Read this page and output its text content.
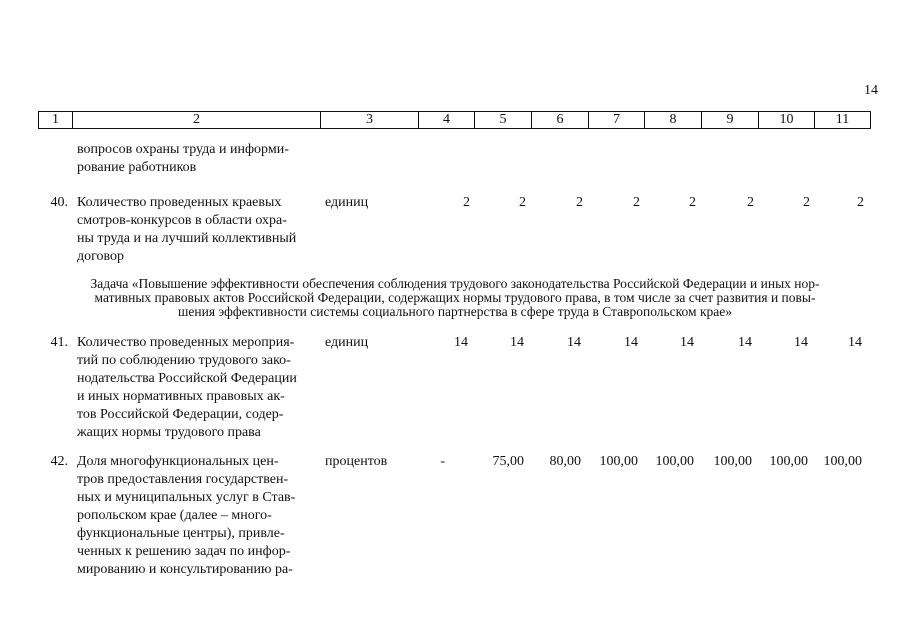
14
1	2	3	4	5	6	7	8	9	10	11
вопросов охраны труда и информи-
рование работников
40. Количество проведенных краевых
смотров-конкурсов в области охра-
ны труда и на лучший коллективный
договор
единиц	2	2	2	2	2	2	2	2
Задача «Повышение эффективности обеспечения соблюдения трудового законодательства Российской Федерации и иных нор-
мативных правовых актов Российской Федерации, содержащих нормы трудового права, в том числе за счет развития и повы-
шения эффективности системы социального партнерства в сфере труда в Ставропольском крае»
41. Количество проведенных мероприя-
тий по соблюдению трудового зако-
нодательства Российской Федерации
и иных нормативных правовых ак-
тов Российской Федерации, содер-
жащих нормы трудового права
единиц	14	14	14	14	14	14	14	14
42. Доля многофункциональных цен-
тров предоставления государствен-
ных и муниципальных услуг в Став-
ропольском крае (далее – много-
функциональные центры), привле-
ченных к решению задач по инфор-
мированию и консультированию ра-
процентов	-	75,00	80,00	100,00	100,00	100,00	100,00	100,00
